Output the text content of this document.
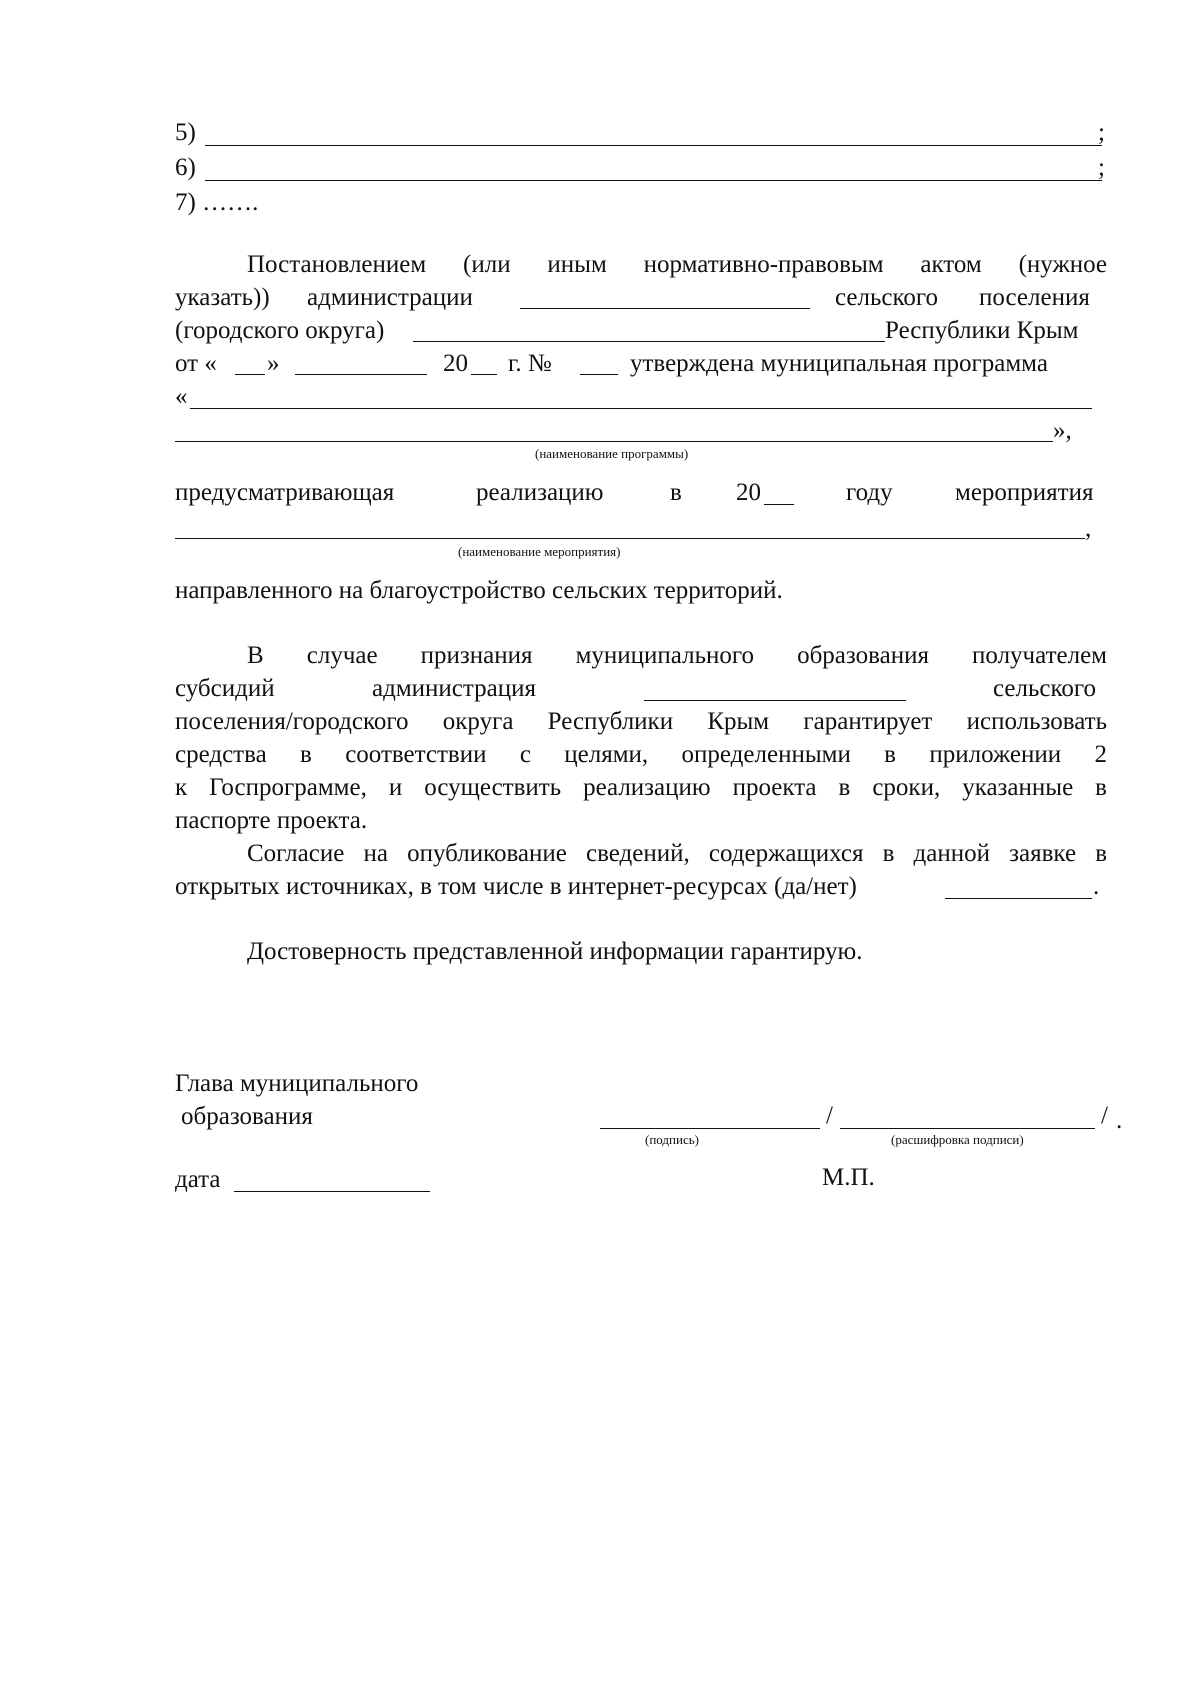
5)	;
6)	;
7) …….
Постановлением (или иным нормативно-правовым актом (нужное
указать)) администрации	сельского поселения
(городского округа)	Республики Крым
от « »	20 г. №	утверждена муниципальная программа
«
»,
(наименование программы)
предусматривающая	реализацию	в 20	году мероприятия
,
(наименование мероприятия)
направленного на благоустройство сельских территорий.
В случае признания муниципального образования получателем
субсидий	администрация	сельского
поселения/городского округа Республики Крым гарантирует использовать
средства в соответствии с целями, определенными в приложении 2
к Госпрограмме, и осуществить реализацию проекта в сроки, указанные в
паспорте проекта.
Согласие на опубликование сведений, содержащихся в данной заявке в
открытых источниках, в том числе в интернет-ресурсах (да/нет)	.
Достоверность представленной информации гарантирую.
Глава муниципального
образования	/	/ .
(подпись)	(расшифровка подписи)
дата	М.П.
